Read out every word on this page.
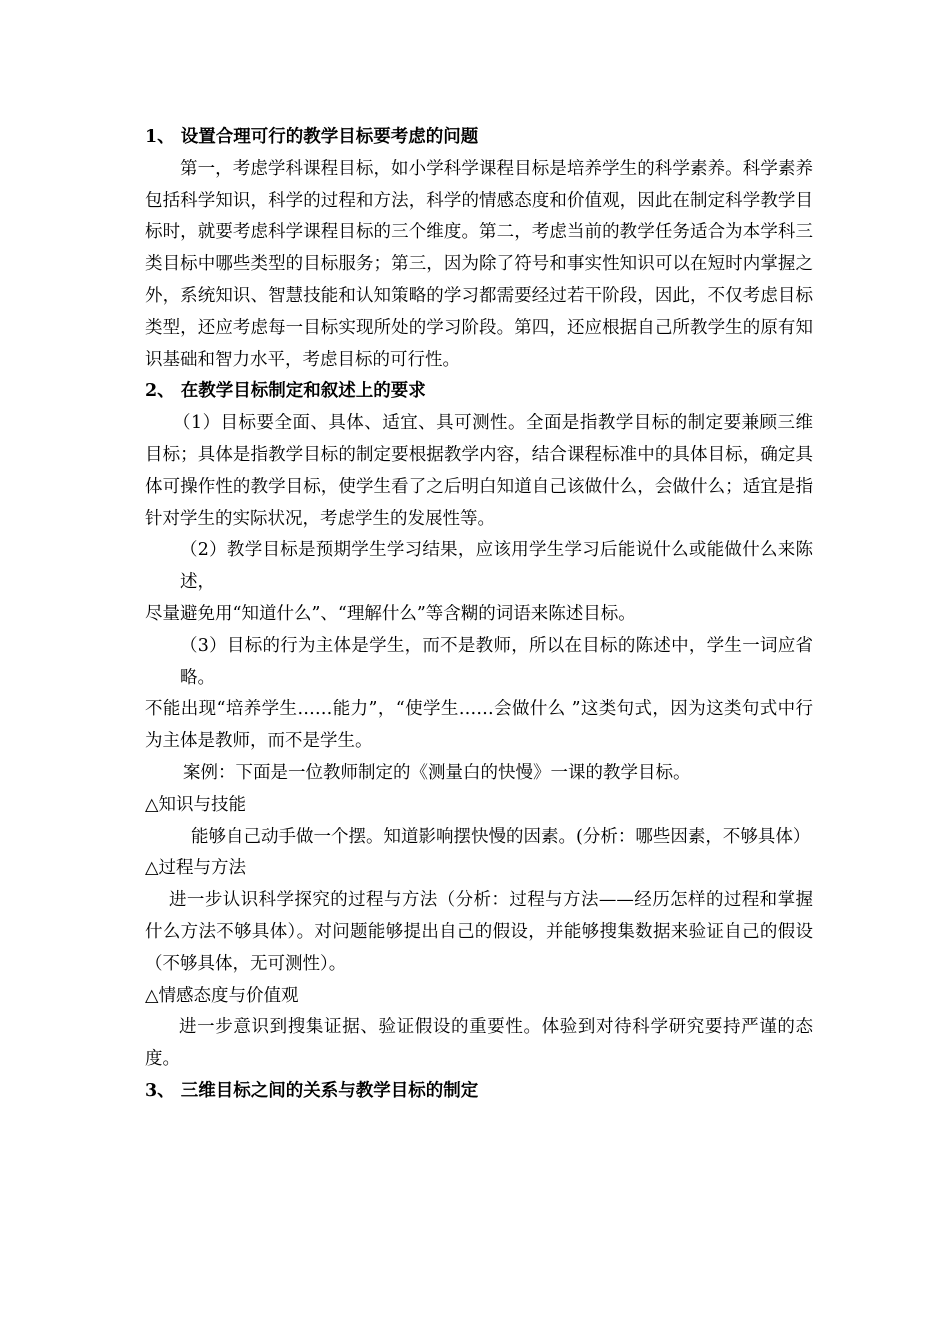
1、 设置合理可行的教学目标要考虑的问题

第一，考虑学科课程目标，如小学科学课程目标是培养学生的科学素养。科学素养包括科学知识，科学的过程和方法，科学的情感态度和价值观，因此在制定科学教学目标时，就要考虑科学课程目标的三个维度。第二，考虑当前的教学任务适合为本学科三类目标中哪些类型的目标服务；第三，因为除了符号和事实性知识可以在短时内掌握之外，系统知识、智慧技能和认知策略的学习都需要经过若干阶段，因此，不仅考虑目标类型，还应考虑每一目标实现所处的学习阶段。第四，还应根据自己所教学生的原有知识基础和智力水平，考虑目标的可行性。

2、 在教学目标制定和叙述上的要求

（1）目标要全面、具体、适宜、具可测性。全面是指教学目标的制定要兼顾三维目标；具体是指教学目标的制定要根据教学内容，结合课程标准中的具体目标，确定具体可操作性的教学目标，使学生看了之后明白知道自己该做什么，会做什么；适宜是指针对学生的实际状况，考虑学生的发展性等。

（2）教学目标是预期学生学习结果，应该用学生学习后能说什么或能做什么来陈述，

尽量避免用“知道什么”、“理解什么”等含糊的词语来陈述目标。

（3）目标的行为主体是学生，而不是教师，所以在目标的陈述中，学生一词应省略。

不能出现“培养学生……能力”，“使学生……会做什么 ”这类句式，因为这类句式中行为主体是教师，而不是学生。

案例：下面是一位教师制定的《测量白的快慢》一课的教学目标。

△知识与技能

能够自己动手做一个摆。知道影响摆快慢的因素。(分析：哪些因素，不够具体）

△过程与方法

进一步认识科学探究的过程与方法（分析：过程与方法——经历怎样的过程和掌握什么方法不够具体）。对问题能够提出自己的假设，并能够搜集数据来验证自己的假设（不够具体，无可测性）。

△情感态度与价值观

进一步意识到搜集证据、验证假设的重要性。体验到对待科学研究要持严谨的态度。

3、 三维目标之间的关系与教学目标的制定
